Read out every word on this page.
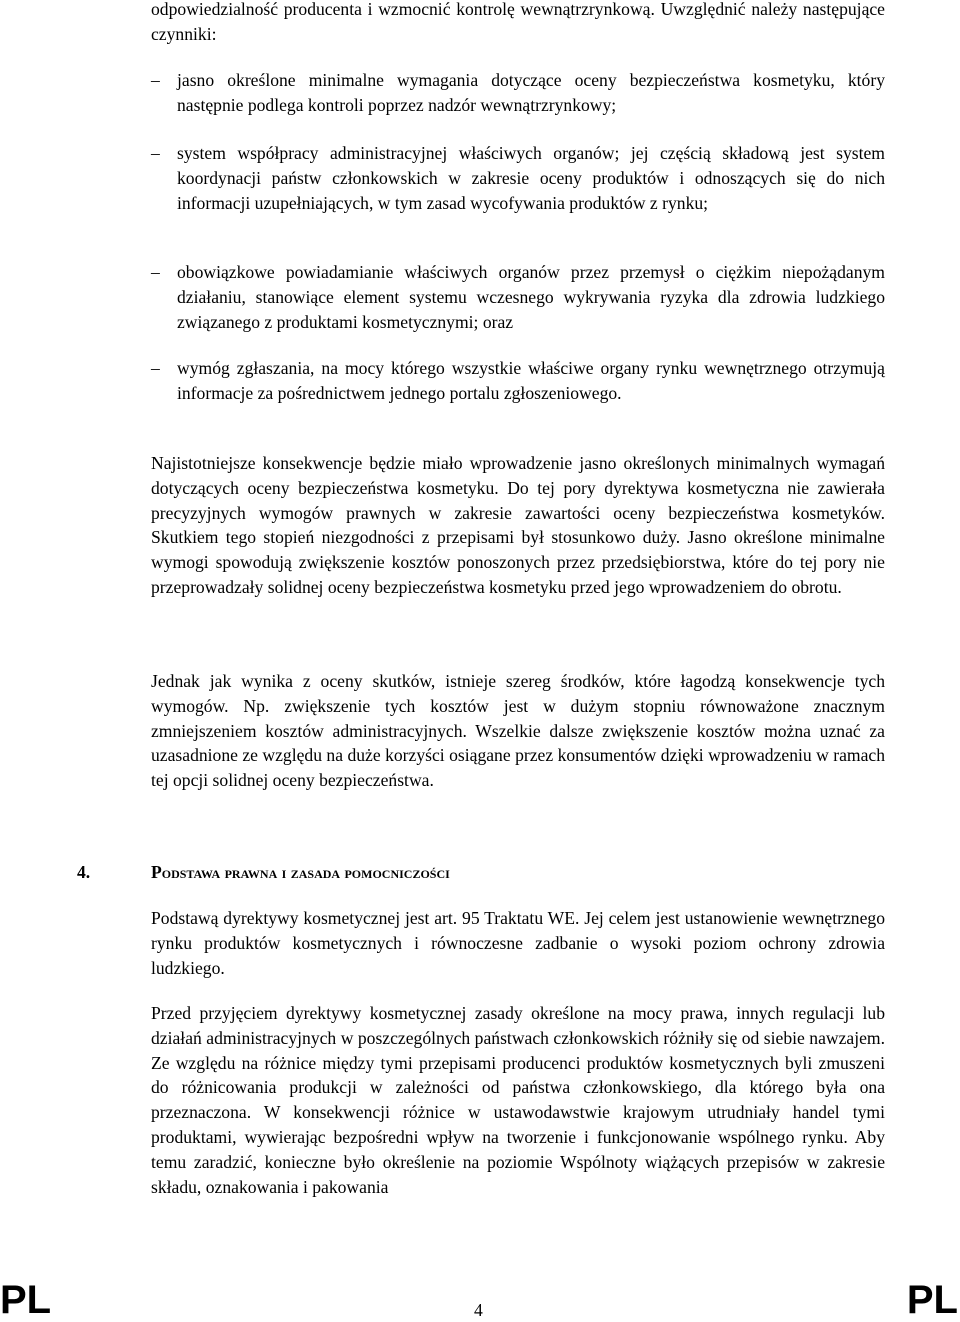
odpowiedzialność producenta i wzmocnić kontrolę wewnątrzrynkową. Uwzględnić należy następujące czynniki:

– jasno określone minimalne wymagania dotyczące oceny bezpieczeństwa kosmetyku, który następnie podlega kontroli poprzez nadzór wewnątrzrynkowy;
– system współpracy administracyjnej właściwych organów; jej częścią składową jest system koordynacji państw członkowskich w zakresie oceny produktów i odnoszących się do nich informacji uzupełniających, w tym zasad wycofywania produktów z rynku;
– obowiązkowe powiadamianie właściwych organów przez przemysł o ciężkim niepożądanym działaniu, stanowiące element systemu wczesnego wykrywania ryzyka dla zdrowia ludzkiego związanego z produktami kosmetycznymi; oraz
– wymóg zgłaszania, na mocy którego wszystkie właściwe organy rynku wewnętrznego otrzymują informacje za pośrednictwem jednego portalu zgłoszeniowego.

Najistotniejsze konsekwencje będzie miało wprowadzenie jasno określonych minimalnych wymagań dotyczących oceny bezpieczeństwa kosmetyku. Do tej pory dyrektywa kosmetyczna nie zawierała precyzyjnych wymogów prawnych w zakresie zawartości oceny bezpieczeństwa kosmetyków. Skutkiem tego stopień niezgodności z przepisami był stosunkowo duży. Jasno określone minimalne wymogi spowodują zwiększenie kosztów ponoszonych przez przedsiębiorstwa, które do tej pory nie przeprowadzały solidnej oceny bezpieczeństwa kosmetyku przed jego wprowadzeniem do obrotu.

Jednak jak wynika z oceny skutków, istnieje szereg środków, które łagodzą konsekwencje tych wymogów. Np. zwiększenie tych kosztów jest w dużym stopniu równoważone znacznym zmniejszeniem kosztów administracyjnych. Wszelkie dalsze zwiększenie kosztów można uznać za uzasadnione ze względu na duże korzyści osiągane przez konsumentów dzięki wprowadzeniu w ramach tej opcji solidnej oceny bezpieczeństwa.

4.	Podstawa prawna i zasada pomocniczości

Podstawą dyrektywy kosmetycznej jest art. 95 Traktatu WE. Jej celem jest ustanowienie wewnętrznego rynku produktów kosmetycznych i równoczesne zadbanie o wysoki poziom ochrony zdrowia ludzkiego.

Przed przyjęciem dyrektywy kosmetycznej zasady określone na mocy prawa, innych regulacji lub działań administracyjnych w poszczególnych państwach członkowskich różniły się od siebie nawzajem. Ze względu na różnice między tymi przepisami producenci produktów kosmetycznych byli zmuszeni do różnicowania produkcji w zależności od państwa członkowskiego, dla którego była ona przeznaczona. W konsekwencji różnice w ustawodawstwie krajowym utrudniały handel tymi produktami, wywierając bezpośredni wpływ na tworzenie i funkcjonowanie wspólnego rynku. Aby temu zaradzić, konieczne było określenie na poziomie Wspólnoty wiążących przepisów w zakresie składu, oznakowania i pakowania

PL	4	PL
